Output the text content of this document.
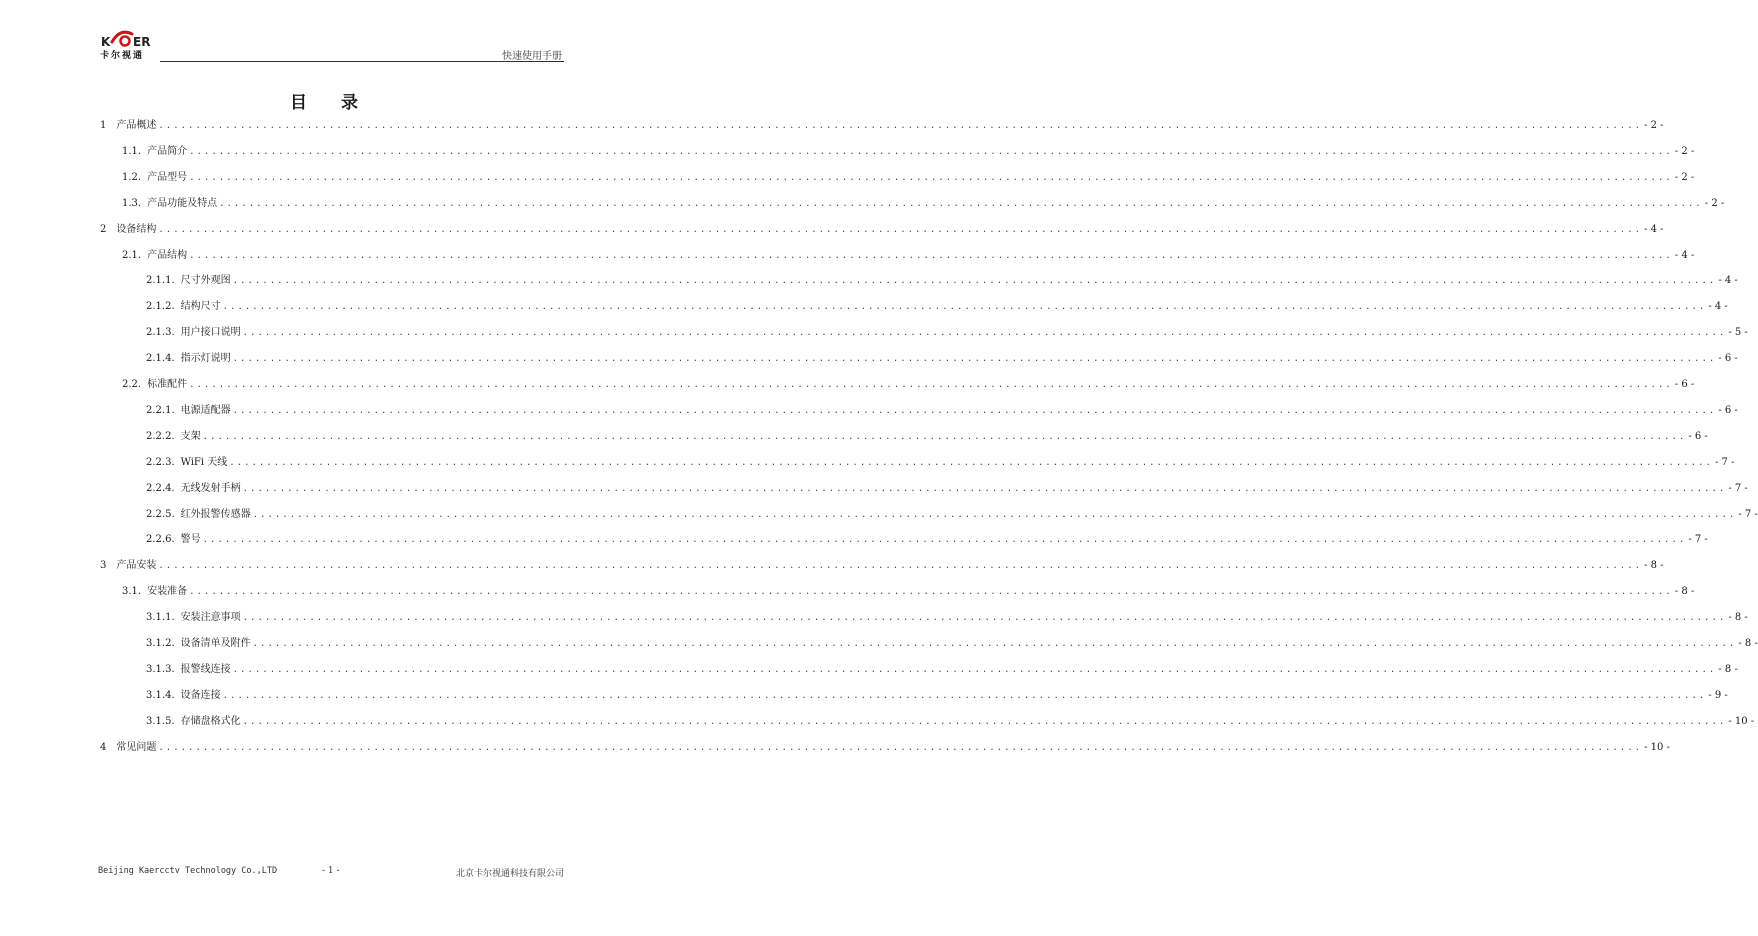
K ER
卡尔视通	快速使用手册
目 录
1 产品概述 ........................................................................................................................................................................................................ - 2 -
1.1. 产品简介 ........................................................................................................................................................................................................ - 2 -
1.2. 产品型号 ........................................................................................................................................................................................................ - 2 -
1.3. 产品功能及特点 ........................................................................................................................................................................................................ - 2 -
2 设备结构 ........................................................................................................................................................................................................ - 4 -
2.1. 产品结构 ........................................................................................................................................................................................................ - 4 -
2.1.1. 尺寸外观图 ........................................................................................................................................................................................................ - 4 -
2.1.2. 结构尺寸 ........................................................................................................................................................................................................ - 4 -
2.1.3. 用户接口说明 ........................................................................................................................................................................................................ - 5 -
2.1.4. 指示灯说明 ........................................................................................................................................................................................................ - 6 -
2.2. 标准配件 ........................................................................................................................................................................................................ - 6 -
2.2.1. 电源适配器 ........................................................................................................................................................................................................ - 6 -
2.2.2. 支架 ........................................................................................................................................................................................................ - 6 -
2.2.3. WiFi 天线 ........................................................................................................................................................................................................ - 7 -
2.2.4. 无线发射手柄 ........................................................................................................................................................................................................ - 7 -
2.2.5. 红外报警传感器 ........................................................................................................................................................................................................ - 7 -
2.2.6. 警号 ........................................................................................................................................................................................................ - 7 -
3 产品安装 ........................................................................................................................................................................................................ - 8 -
3.1. 安装准备 ........................................................................................................................................................................................................ - 8 -
3.1.1. 安装注意事项 ........................................................................................................................................................................................................ - 8 -
3.1.2. 设备清单及附件 ........................................................................................................................................................................................................ - 8 -
3.1.3. 报警线连接 ........................................................................................................................................................................................................ - 8 -
3.1.4. 设备连接 ........................................................................................................................................................................................................ - 9 -
3.1.5. 存储盘格式化 ........................................................................................................................................................................................................ - 10 -
4 常见问题 ........................................................................................................................................................................................................ - 10 -
Beijing Kaercctv Technology Co.,LTD	- 1 -	北京卡尔视通科技有限公司
